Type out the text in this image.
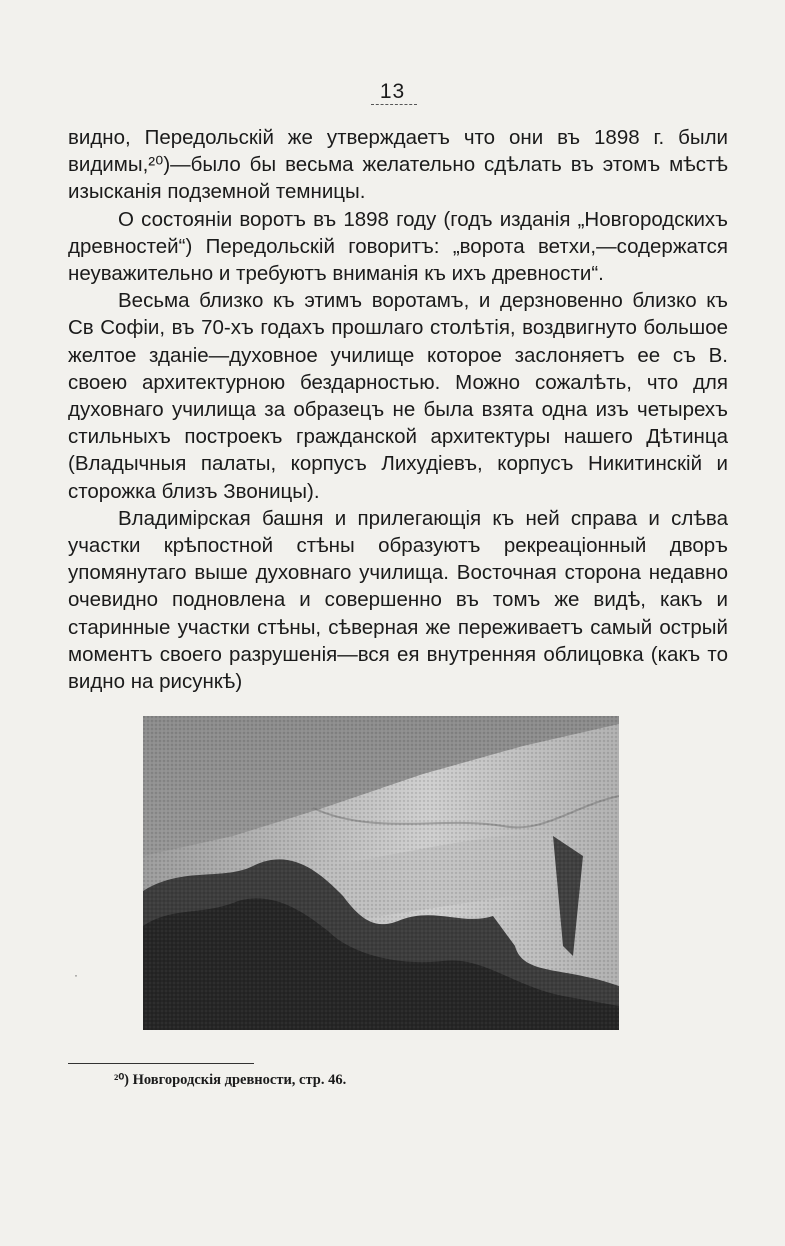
13

видно, Передольскiй же утверждаетъ что они въ 1898 г. были видимы,²⁰)—было бы весьма желательно сдѣлать въ этомъ мѣстѣ изысканiя подземной темницы.

О состоянiи воротъ въ 1898 году (годъ изданiя „Новгородскихъ древностей“) Передольскiй говоритъ: „ворота ветхи,—содержатся неуважительно и требуютъ вниманiя къ ихъ древности“.

Весьма близко къ этимъ воротамъ, и дерзновенно близко къ Св Софiи, въ 70-хъ годахъ прошлаго столѣтiя, воздвигнуто большое желтое зданiе—духовное училище которое заслоняетъ ее съ В. своею архитектурною бездарностью. Можно сожалѣть, что для духовнаго училища за образецъ не была взята одна изъ четырехъ стильныхъ построекъ гражданской архитектуры нашего Дѣтинца (Владычныя палаты, корпусъ Лихудiевъ, корпусъ Никитинскiй и сторожка близъ Звоницы).

Владимiрская башня и прилегающiя къ ней справа и слѣва участки крѣпостной стѣны образуютъ рекреацiонный дворъ упомянутаго выше духовнаго училища. Восточная сторона недавно очевидно подновлена и совершенно въ томъ же видѣ, какъ и старинные участки стѣны, сѣверная же переживаетъ самый острый моментъ своего разрушенiя—вся ея внутренняя облицовка (какъ то видно на рисункѣ)

·
²⁰) Новгородскiя древности, стр. 46.
